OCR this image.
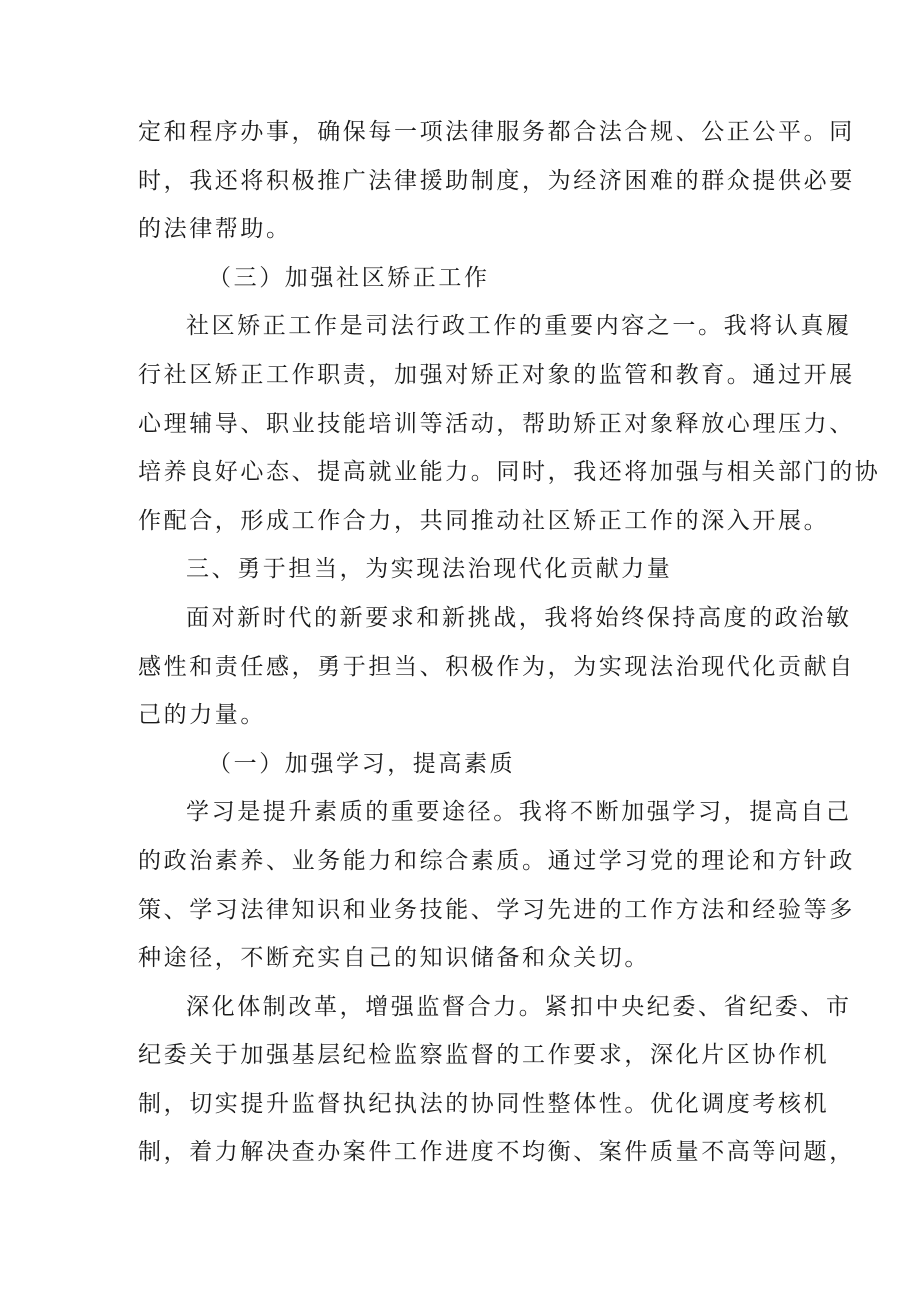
定和程序办事，确保每一项法律服务都合法合规、公正公平。同
时，我还将积极推广法律援助制度，为经济困难的群众提供必要
的法律帮助。
（三）加强社区矫正工作
社区矫正工作是司法行政工作的重要内容之一。我将认真履
行社区矫正工作职责，加强对矫正对象的监管和教育。通过开展
心理辅导、职业技能培训等活动，帮助矫正对象释放心理压力、
培养良好心态、提高就业能力。同时，我还将加强与相关部门的协
作配合，形成工作合力，共同推动社区矫正工作的深入开展。
三、勇于担当，为实现法治现代化贡献力量
面对新时代的新要求和新挑战，我将始终保持高度的政治敏
感性和责任感，勇于担当、积极作为，为实现法治现代化贡献自
己的力量。
（一）加强学习，提高素质
学习是提升素质的重要途径。我将不断加强学习，提高自己
的政治素养、业务能力和综合素质。通过学习党的理论和方针政
策、学习法律知识和业务技能、学习先进的工作方法和经验等多
种途径，不断充实自己的知识储备和众关切。
深化体制改革，增强监督合力。紧扣中央纪委、省纪委、市
纪委关于加强基层纪检监察监督的工作要求，深化片区协作机
制，切实提升监督执纪执法的协同性整体性。优化调度考核机
制，着力解决查办案件工作进度不均衡、案件质量不高等问题，
